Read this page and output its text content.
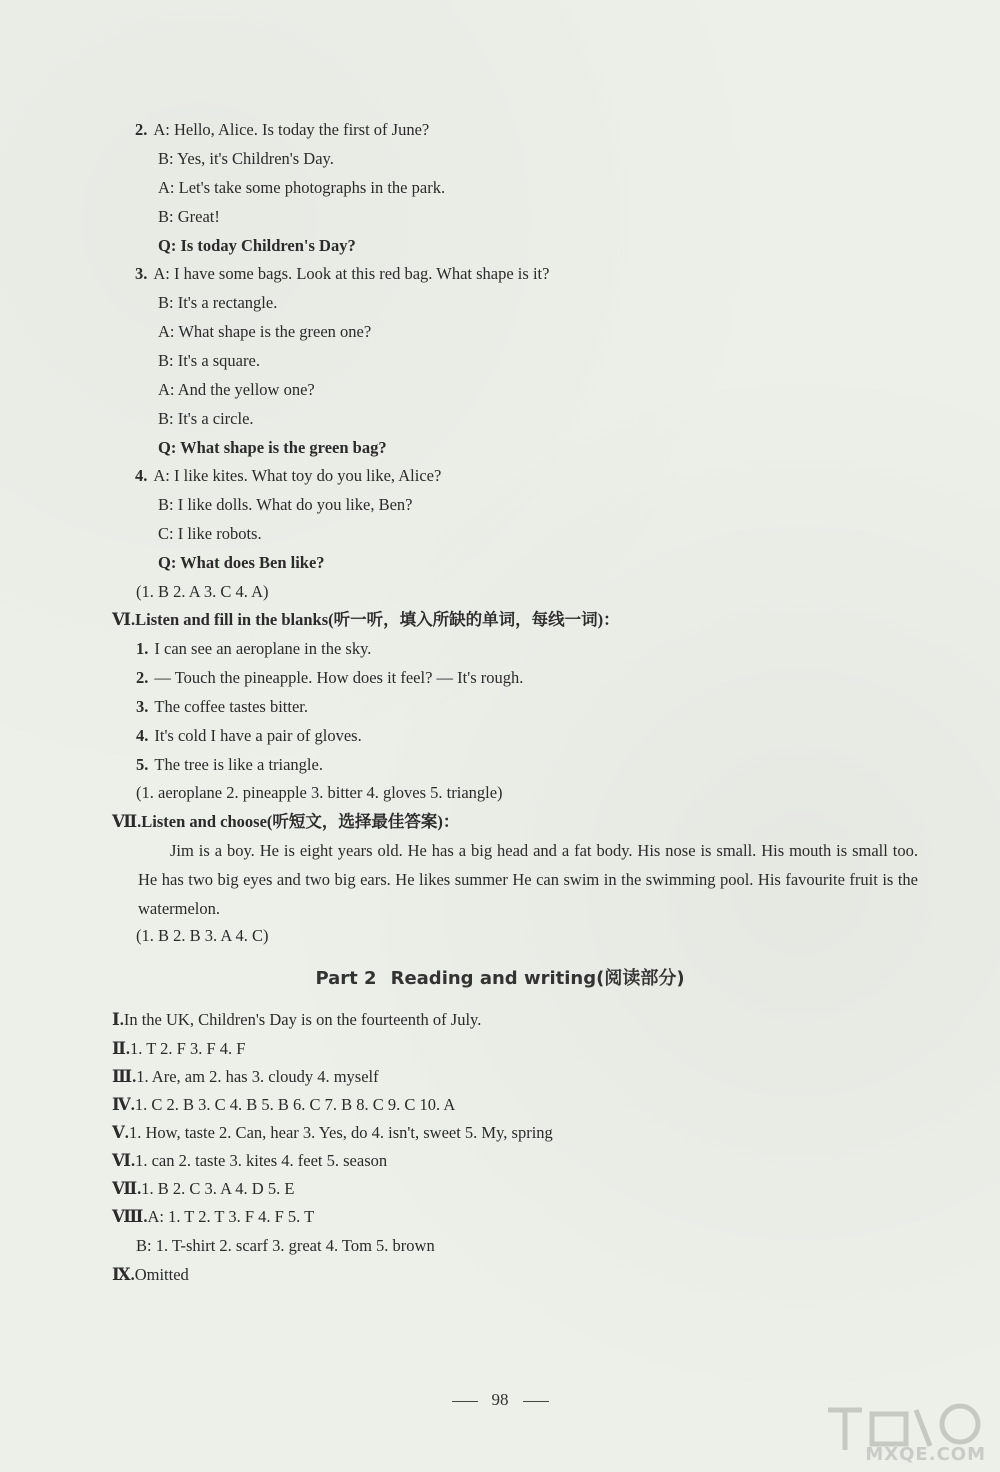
2. A: Hello, Alice. Is today the first of June?
B: Yes, it's Children's Day.
A: Let's take some photographs in the park.
B: Great!
Q: Is today Children's Day?
3. A: I have some bags. Look at this red bag. What shape is it?
B: It's a rectangle.
A: What shape is the green one?
B: It's a square.
A: And the yellow one?
B: It's a circle.
Q: What shape is the green bag?
4. A: I like kites. What toy do you like, Alice?
B: I like dolls. What do you like, Ben?
C: I like robots.
Q: What does Ben like?
(1. B 2. A 3. C 4. A)
Ⅵ.Listen and fill in the blanks(听一听，填入所缺的单词，每线一词)：
1. I can see an aeroplane in the sky.
2. — Touch the pineapple. How does it feel? — It's rough.
3. The coffee tastes bitter.
4. It's cold I have a pair of gloves.
5. The tree is like a triangle.
(1. aeroplane 2. pineapple 3. bitter 4. gloves 5. triangle)
Ⅶ.Listen and choose(听短文，选择最佳答案)：
Jim is a boy. He is eight years old. He has a big head and a fat body. His nose is small. His mouth is small too. He has two big eyes and two big ears. He likes summer He can swim in the swimming pool. His favourite fruit is the watermelon.
(1. B 2. B 3. A 4. C)
Part 2 Reading and writing(阅读部分)
Ⅰ.In the UK, Children's Day is on the fourteenth of July.
Ⅱ.1. T 2. F 3. F 4. F
Ⅲ.1. Are, am 2. has 3. cloudy 4. myself
Ⅳ.1. C 2. B 3. C 4. B 5. B 6. C 7. B 8. C 9. C 10. A
Ⅴ.1. How, taste 2. Can, hear 3. Yes, do 4. isn't, sweet 5. My, spring
Ⅵ.1. can 2. taste 3. kites 4. feet 5. season
Ⅶ.1. B 2. C 3. A 4. D 5. E
Ⅷ.A: 1. T 2. T 3. F 4. F 5. T
B: 1. T-shirt 2. scarf 3. great 4. Tom 5. brown
Ⅸ.Omitted
98
MXQE.COM
